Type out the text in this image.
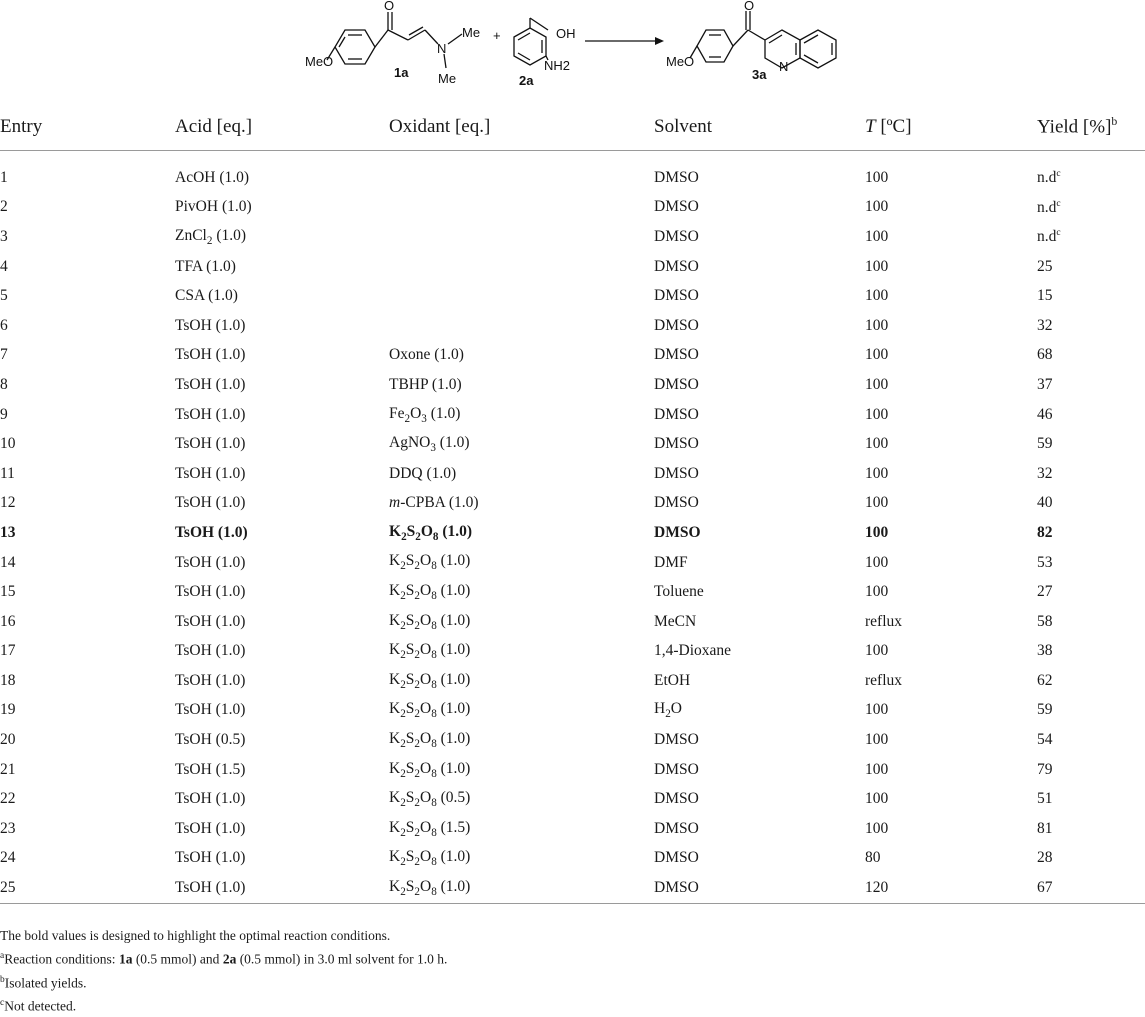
MeO
O
N
Me
Me
1a
+	OH
NH2
2a
MeO
O
N
3a
Entry	Acid [eq.]	Oxidant [eq.]	Solvent	T [ºC]	Yield [%]$^b$
1	AcOH (1.0)		DMSO	100	$n.d^c$
2	PivOH (1.0)		DMSO	100	$n.d^c$
3	ZnCl$_2$ (1.0)		DMSO	100	$n.d^c$
4	TFA (1.0)		DMSO	100	25
5	CSA (1.0)		DMSO	100	15
6	TsOH (1.0)		DMSO	100	32
7	TsOH (1.0)	Oxone (1.0)	DMSO	100	68
8	TsOH (1.0)	TBHP (1.0)	DMSO	100	37
9	TsOH (1.0)	$Fe_2O_3$ (1.0)	DMSO	100	46
10	TsOH (1.0)	AgNO$_3$ (1.0)	DMSO	100	59
11	TsOH (1.0)	DDQ (1.0)	DMSO	100	32
12	TsOH (1.0)	m-CPBA (1.0)	DMSO	100	40
13	TsOH (1.0)	$K_2S_2O_8$ (1.0)	DMSO	100	82
14	TsOH (1.0)	$K_2S_2O_8$ (1.0)	DMF	100	53
15	TsOH (1.0)	$K_2S_2O_8$ (1.0)	Toluene	100	27
16	TsOH (1.0)	$K_2S_2O_8$ (1.0)	MeCN	reflux	58
17	TsOH (1.0)	$K_2S_2O_8$ (1.0)	1,4-Dioxane	100	38
18	TsOH (1.0)	$K_2S_2O_8$ (1.0)	EtOH	reflux	62
19	TsOH (1.0)	$K_2S_2O_8$ (1.0)	$H_2O$	100	59
20	TsOH (0.5)	$K_2S_2O_8$ (1.0)	DMSO	100	54
21	TsOH (1.5)	$K_2S_2O_8$ (1.0)	DMSO	100	79
22	TsOH (1.0)	$K_2S_2O_8$ (0.5)	DMSO	100	51
23	TsOH (1.0)	$K_2S_2O_8$ (1.5)	DMSO	100	81
24	TsOH (1.0)	$K_2S_2O_8$ (1.0)	DMSO	80	28
25	TsOH (1.0)	$K_2S_2O_8$ (1.0)	DMSO	120	67
The bold values is designed to highlight the optimal reaction conditions.
$^a$Reaction conditions: 1a (0.5 mmol) and 2a (0.5 mmol) in 3.0 ml solvent for 1.0 h.
$^b$Isolated yields.
$^c$Not detected.
